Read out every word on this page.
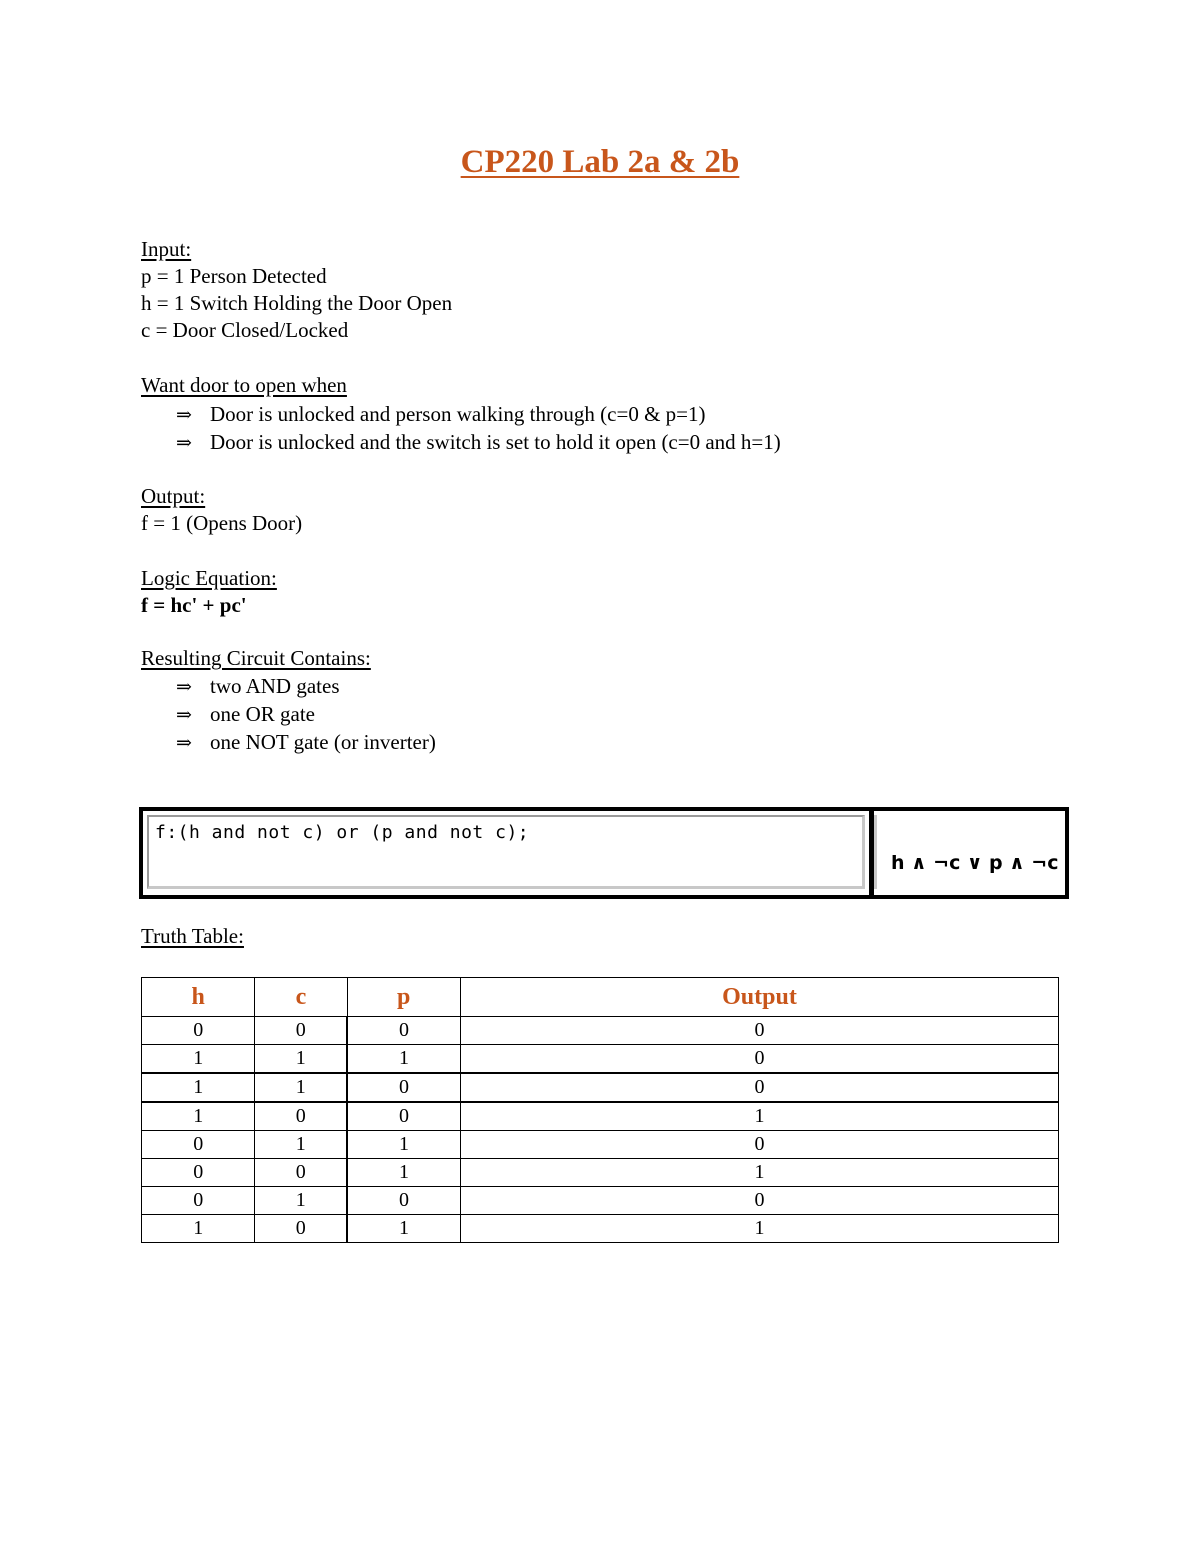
CP220 Lab 2a & 2b
Input:
p = 1 Person Detected
h = 1 Switch Holding the Door Open
c = Door Closed/Locked
Want door to open when
⇒ Door is unlocked and person walking through (c=0 & p=1)
⇒ Door is unlocked and the switch is set to hold it open (c=0 and h=1)
Output:
f = 1 (Opens Door)
Logic Equation:
f = hc' + pc'
Resulting Circuit Contains:
⇒ two AND gates
⇒ one OR gate
⇒ one NOT gate (or inverter)
f:(h and not c) or (p and not c);
h ∧ ¬c ∨ p ∧ ¬c
Truth Table:
h	c	p	Output
0	0	0	0
1	1	1	0
1	1	0	0
1	0	0	1
0	1	1	0
0	0	1	1
0	1	0	0
1	0	1	1
